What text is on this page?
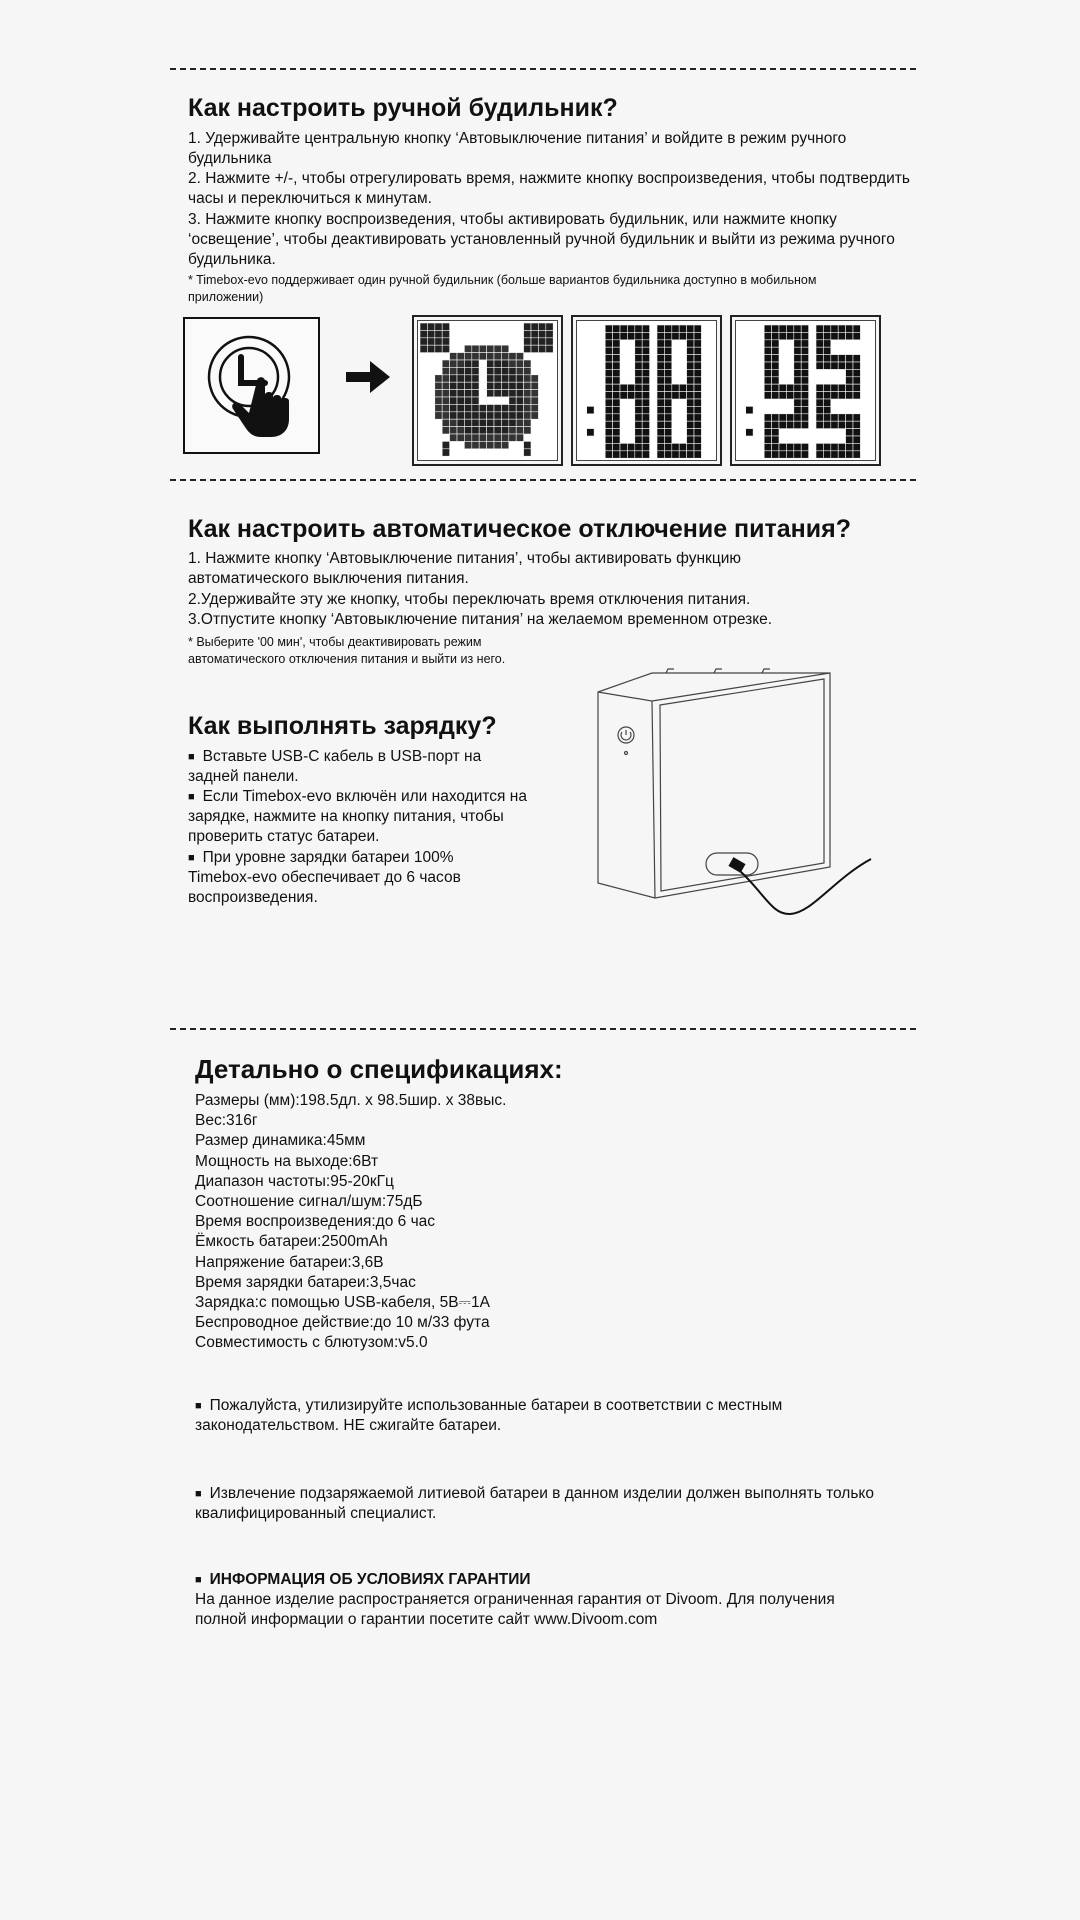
Как настроить ручной будильник?

1. Удерживайте центральную кнопку ‘Автовыключение питания’ и войдите в режим ручного будильника

2. Нажмите +/-, чтобы отрегулировать время, нажмите кнопку воспроизведения, чтобы подтвердить часы и переключиться к минутам.

3. Нажмите кнопку воспроизведения, чтобы активировать будильник, или нажмите кнопку ‘освещение’, чтобы деактивировать установленный ручной будильник и выйти из режима ручного будильника.

* Timebox-evo поддерживает один ручной будильник (больше вариантов будильника доступно в мобильном приложении)

Как настроить автоматическое отключение питания?

1. Нажмите кнопку ‘Автовыключение питания’, чтобы активировать функцию автоматического выключения питания.

2.Удерживайте эту же кнопку, чтобы переключать время отключения питания.

3.Отпустите кнопку ‘Автовыключение питания’ на желаемом временном отрезке.

* Выберите '00 мин', чтобы деактивировать режим автоматического отключения питания и выйти из него.

Как выполнять зарядку?

■ Вставьте USB-C кабель в USB-порт на задней панели.

■ Если Timebox-evo включён или находится на зарядке, нажмите на кнопку питания, чтобы проверить статус батареи.

■ При уровне зарядки батареи 100% Timebox-evo обеспечивает до 6 часов воспроизведения.

Детально о спецификациях:
Размеры (мм):198.5дл. x 98.5шир. x 38выс.
Вес:316г
Размер динамика:45мм
Мощность на выходе:6Вт
Диапазон частоты:95-20кГц
Соотношение сигнал/шум:75дБ
Время воспроизведения:до 6 час
Ёмкость батареи:2500mAh
Напряжение батареи:3,6В
Время зарядки батареи:3,5час
Зарядка:с помощью USB-кабеля, 5В⎓1А
Беспроводное действие:до 10 м/33 фута
Совместимость с блютузом:v5.0

■ Пожалуйста, утилизируйте использованные батареи в соответствии с местным законодательством. НЕ сжигайте батареи.

■ Извлечение подзаряжаемой литиевой батареи в данном изделии должен выполнять только квалифицированный специалист.

■ ИНФОРМАЦИЯ ОБ УСЛОВИЯХ ГАРАНТИИ

На данное изделие распространяется ограниченная гарантия от Divoom. Для получения полной информации о гарантии посетите сайт www.Divoom.com
